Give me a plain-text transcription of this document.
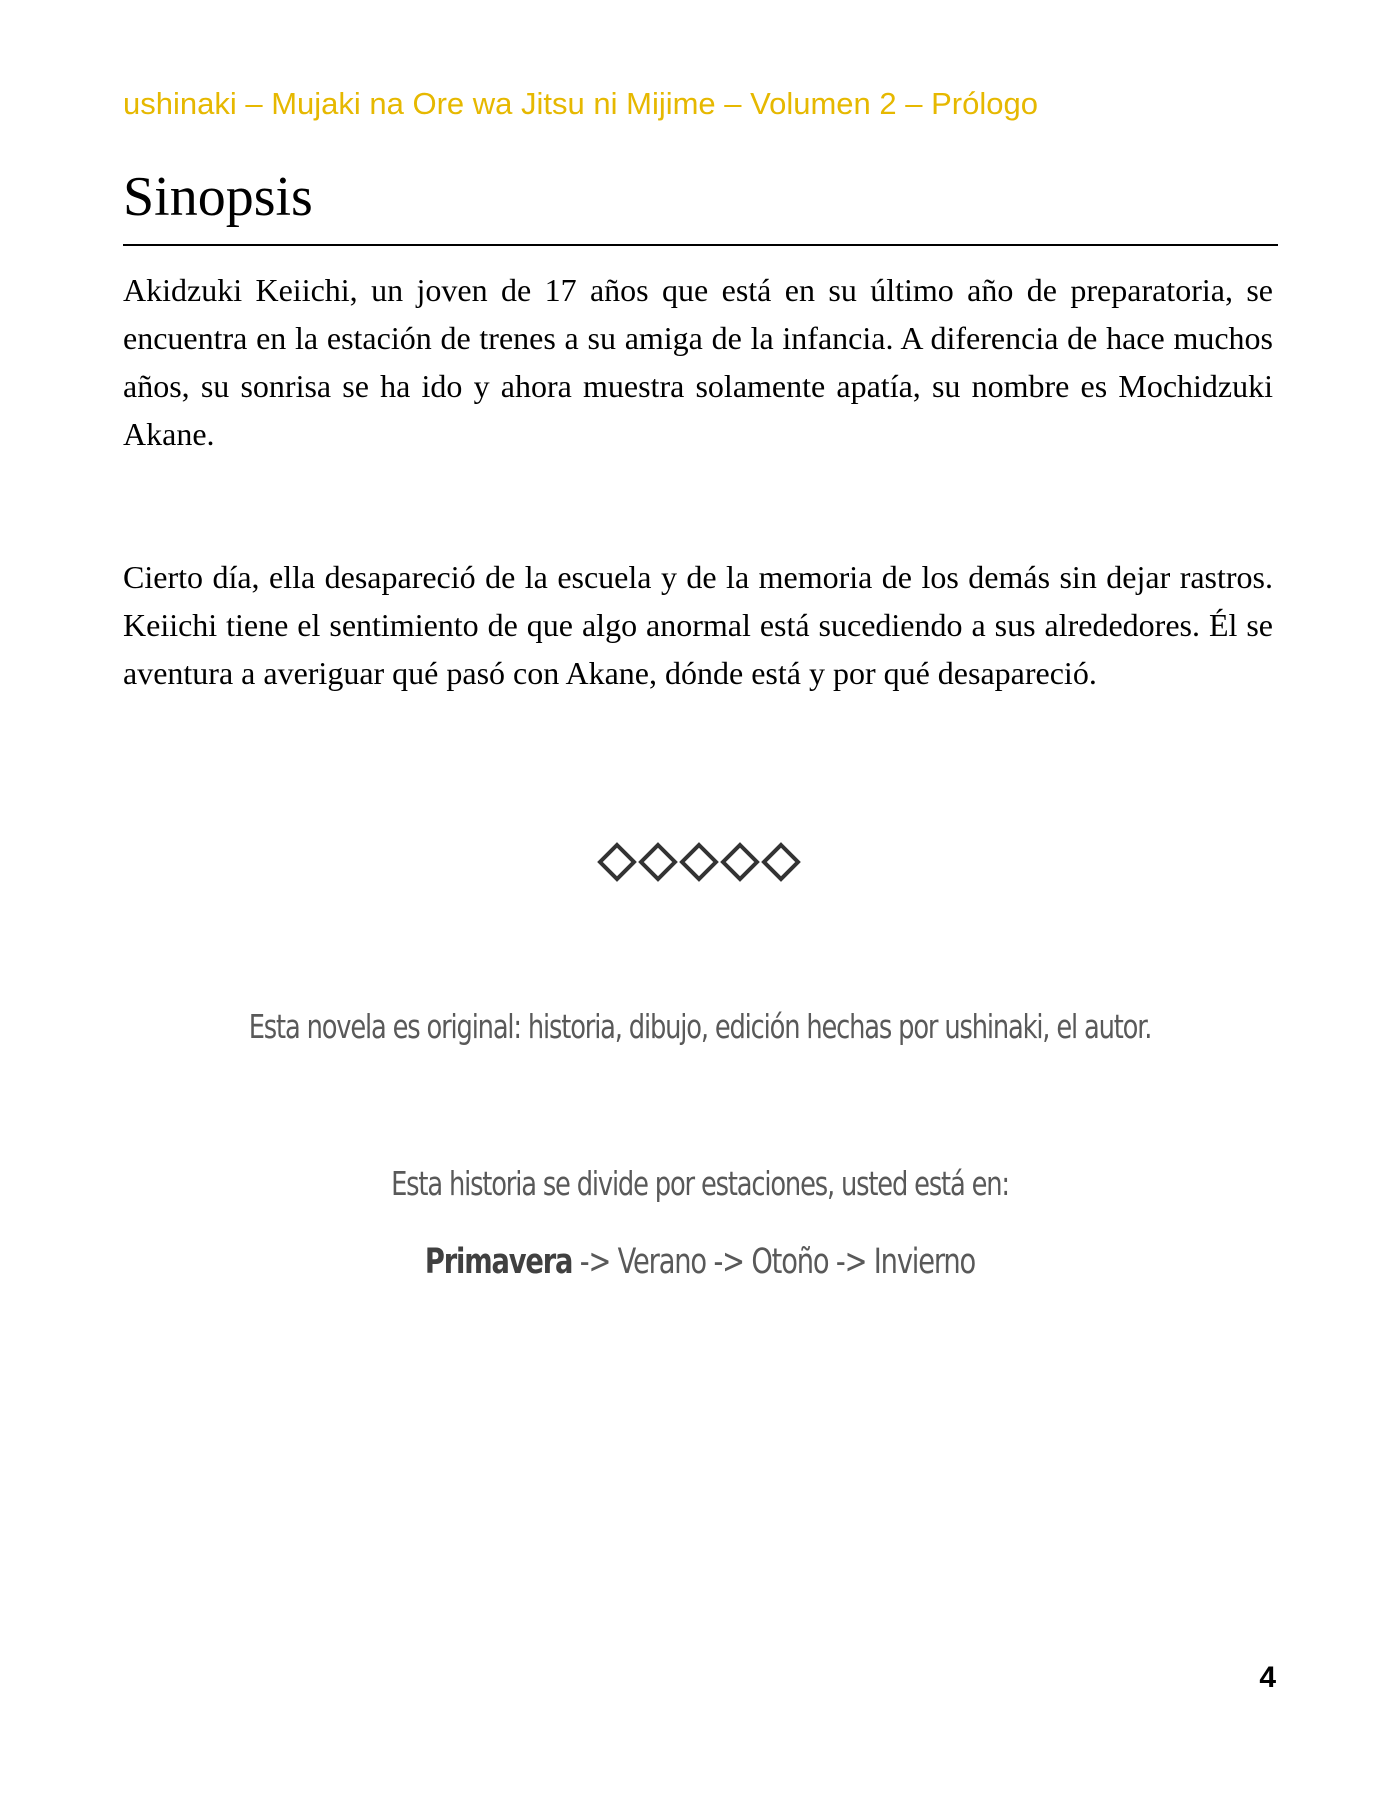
ushinaki – Mujaki na Ore wa Jitsu ni Mijime – Volumen 2 – Prólogo
Sinopsis

Akidzuki Keiichi, un joven de 17 años que está en su último año de preparatoria, se encuentra en la estación de trenes a su amiga de la infancia. A diferencia de hace muchos años, su sonrisa se ha ido y ahora muestra solamente apatía, su nombre es Mochidzuki Akane.

Cierto día, ella desapareció de la escuela y de la memoria de los demás sin dejar rastros. Keiichi tiene el sentimiento de que algo anormal está sucediendo a sus alrededores. Él se aventura a averiguar qué pasó con Akane, dónde está y por qué desapareció.

Esta novela es original: historia, dibujo, edición hechas por ushinaki, el autor.
Esta historia se divide por estaciones, usted está en:
Primavera -> Verano -> Otoño -> Invierno
4
